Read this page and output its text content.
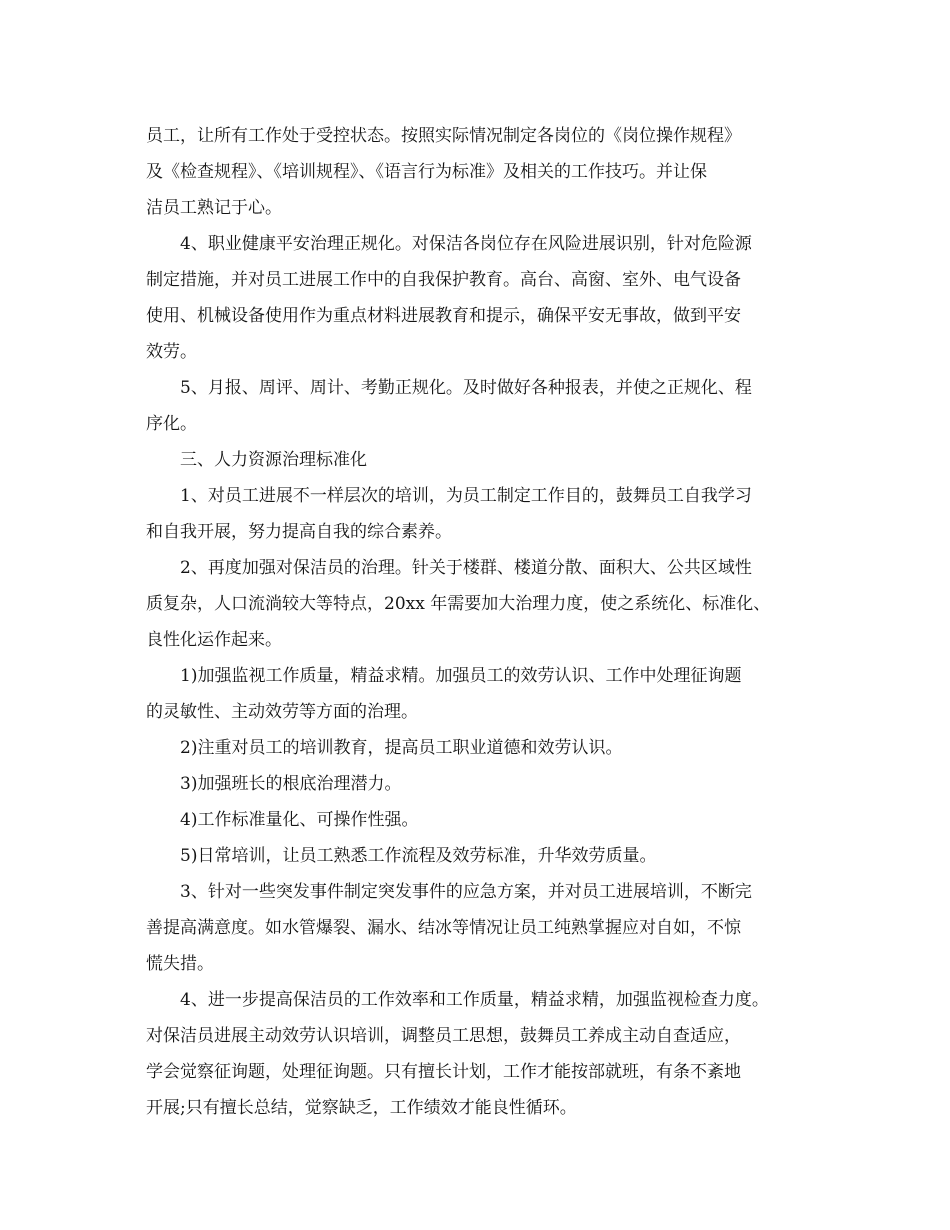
员工，让所有工作处于受控状态。按照实际情况制定各岗位的《岗位操作规程》
及《检查规程》、《培训规程》、《语言行为标准》及相关的工作技巧。并让保
洁员工熟记于心。
4、职业健康平安治理正规化。对保洁各岗位存在风险进展识别，针对危险源
制定措施，并对员工进展工作中的自我保护教育。高台、高窗、室外、电气设备
使用、机械设备使用作为重点材料进展教育和提示，确保平安无事故，做到平安
效劳。
5、月报、周评、周计、考勤正规化。及时做好各种报表，并使之正规化、程
序化。
三、人力资源治理标准化
1、对员工进展不一样层次的培训，为员工制定工作目的，鼓舞员工自我学习
和自我开展，努力提高自我的综合素养。
2、再度加强对保洁员的治理。针关于楼群、楼道分散、面积大、公共区域性
质复杂，人口流淌较大等特点，20xx 年需要加大治理力度，使之系统化、标准化、
良性化运作起来。
1)加强监视工作质量，精益求精。加强员工的效劳认识、工作中处理征询题
的灵敏性、主动效劳等方面的治理。
2)注重对员工的培训教育，提高员工职业道德和效劳认识。
3)加强班长的根底治理潜力。
4)工作标准量化、可操作性强。
5)日常培训，让员工熟悉工作流程及效劳标准，升华效劳质量。
3、针对一些突发事件制定突发事件的应急方案，并对员工进展培训，不断完
善提高满意度。如水管爆裂、漏水、结冰等情况让员工纯熟掌握应对自如，不惊
慌失措。
4、进一步提高保洁员的工作效率和工作质量，精益求精，加强监视检查力度。
对保洁员进展主动效劳认识培训，调整员工思想，鼓舞员工养成主动自查适应，
学会觉察征询题，处理征询题。只有擅长计划，工作才能按部就班，有条不紊地
开展;只有擅长总结，觉察缺乏，工作绩效才能良性循环。
